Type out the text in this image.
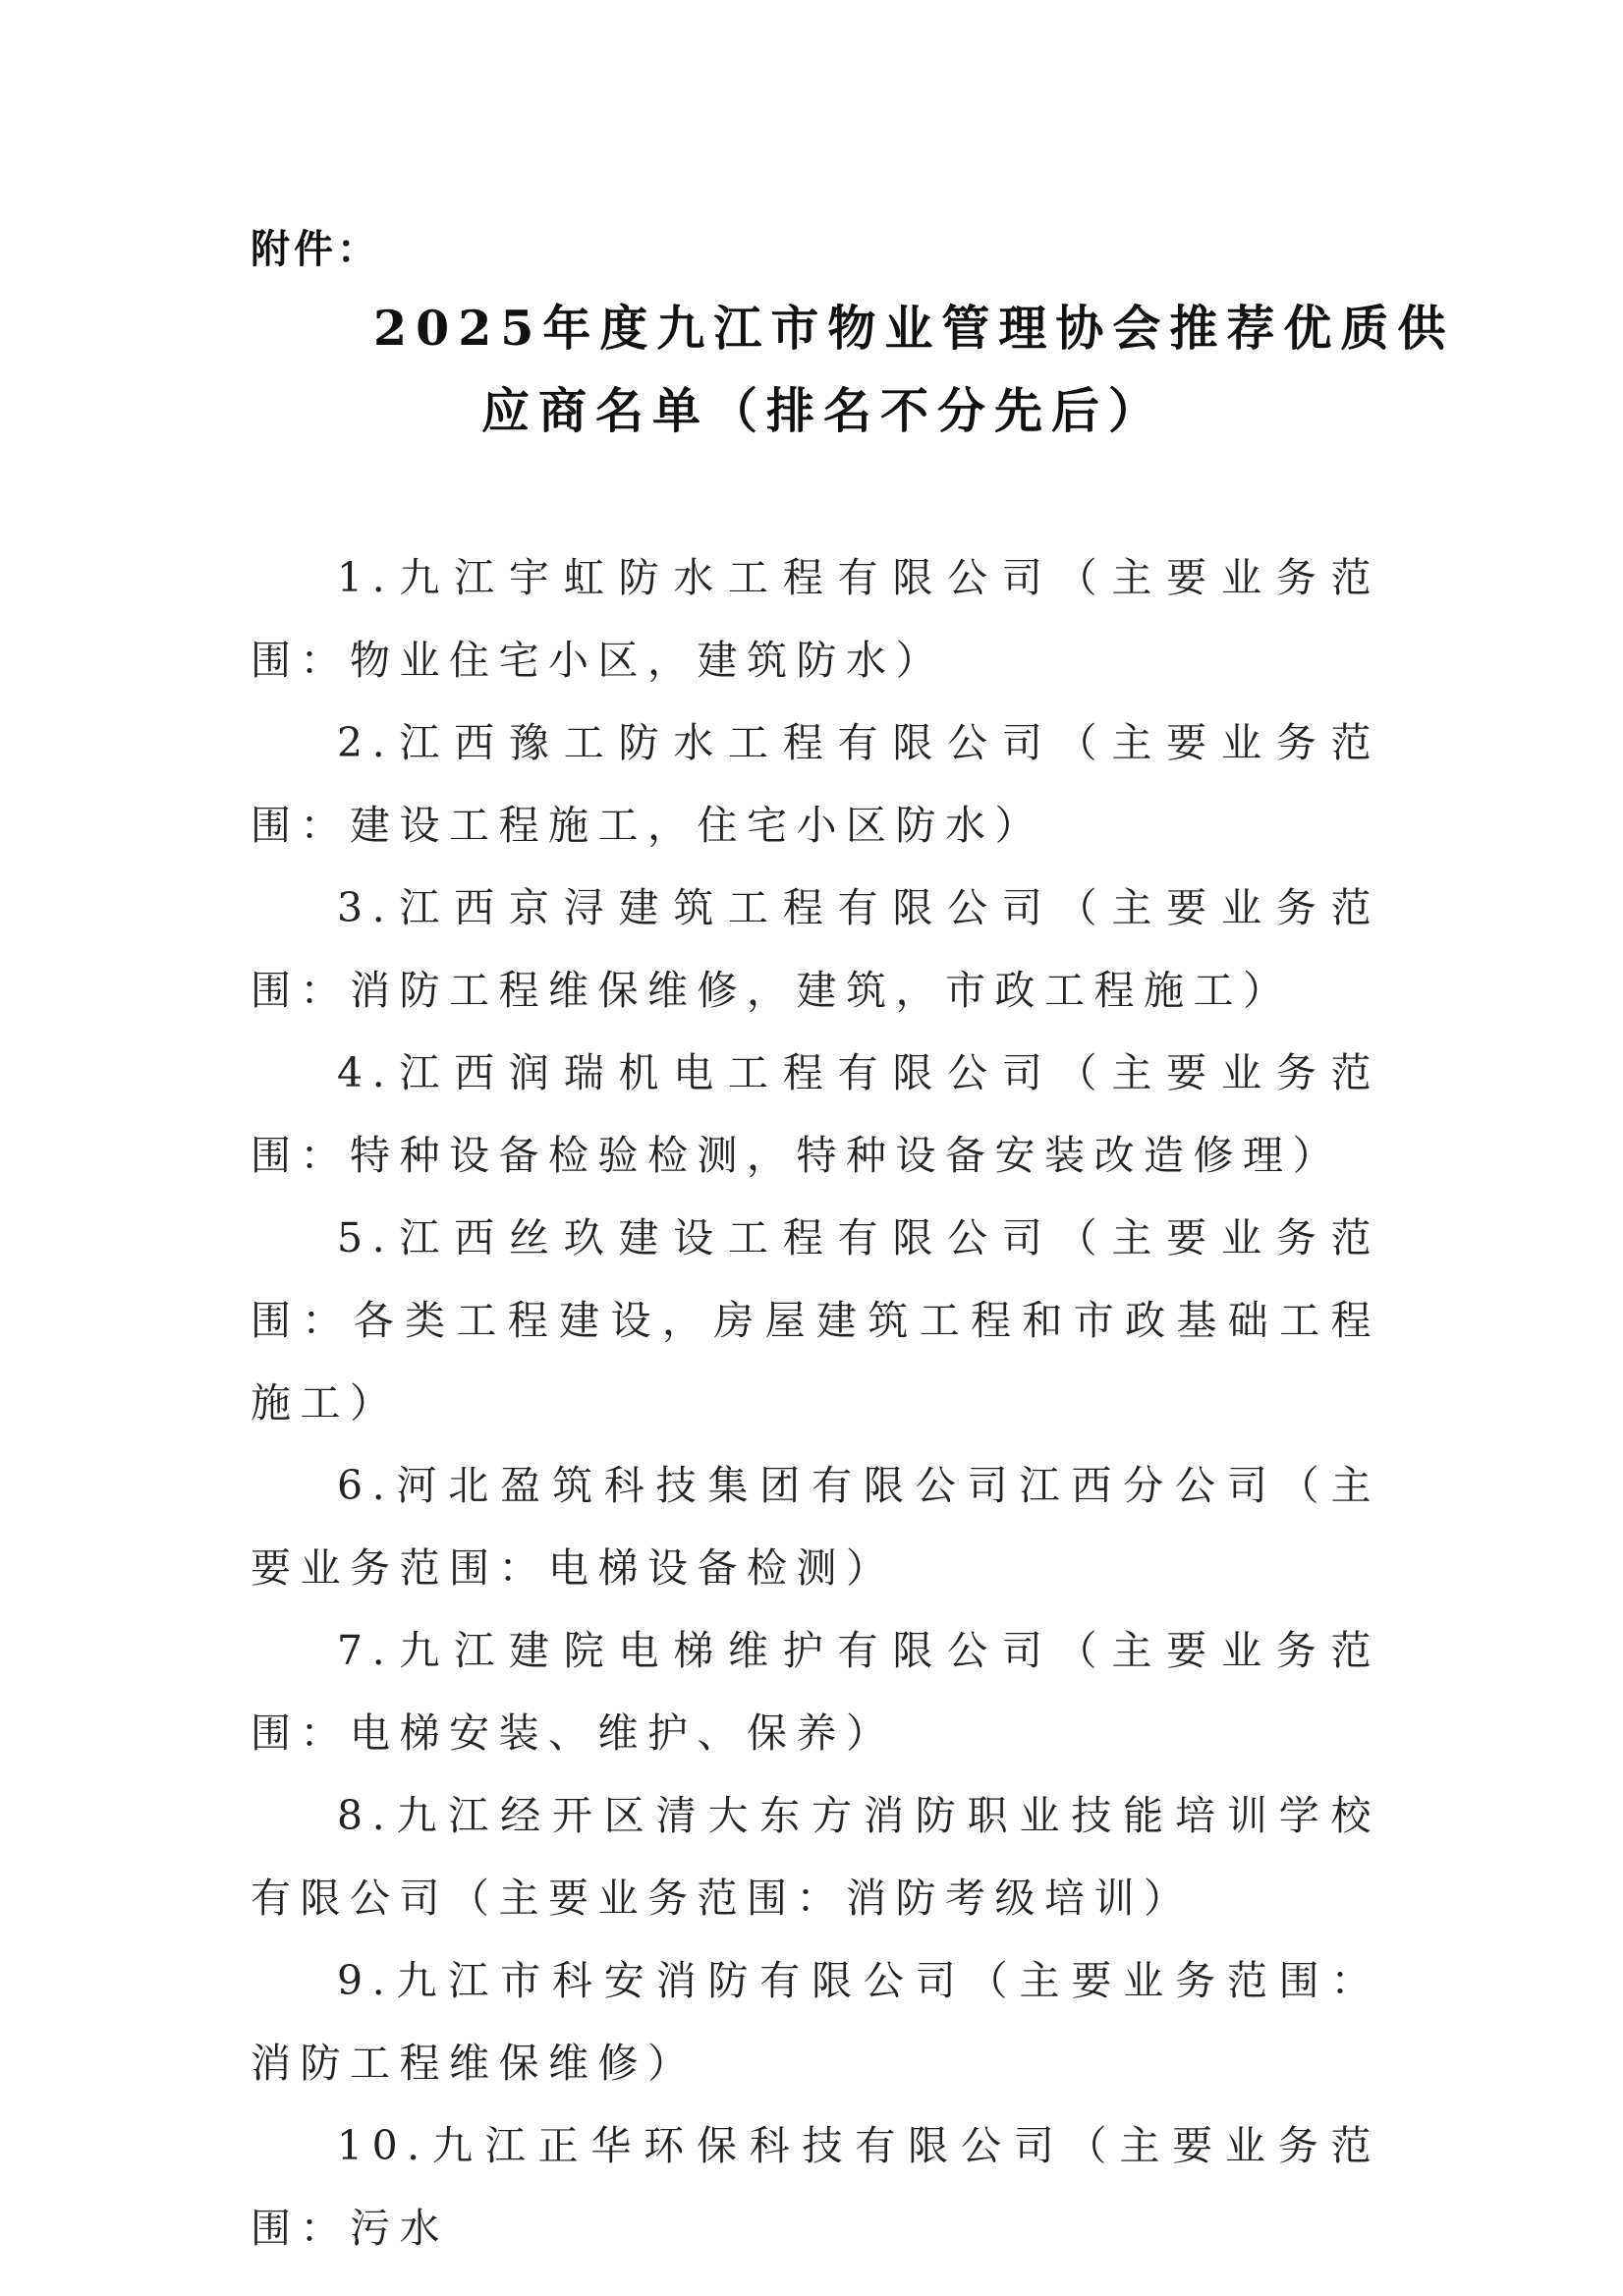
附件：

2025年度九江市物业管理协会推荐优质供
应商名单（排名不分先后）
1.九江宇虹防水工程有限公司（主要业务范围：物业住宅小区，建筑防水）
2.江西豫工防水工程有限公司（主要业务范围：建设工程施工，住宅小区防水）
3.江西京浔建筑工程有限公司（主要业务范围：消防工程维保维修，建筑，市政工程施工）
4.江西润瑞机电工程有限公司（主要业务范围：特种设备检验检测，特种设备安装改造修理）
5.江西丝玖建设工程有限公司（主要业务范围：各类工程建设，房屋建筑工程和市政基础工程施工）
6.河北盈筑科技集团有限公司江西分公司（主要业务范围：电梯设备检测）
7.九江建院电梯维护有限公司（主要业务范围：电梯安装、维护、保养）
8.九江经开区清大东方消防职业技能培训学校有限公司（主要业务范围：消防考级培训）
9.九江市科安消防有限公司（主要业务范围：消防工程维保维修）
10.九江正华环保科技有限公司（主要业务范围：污水
